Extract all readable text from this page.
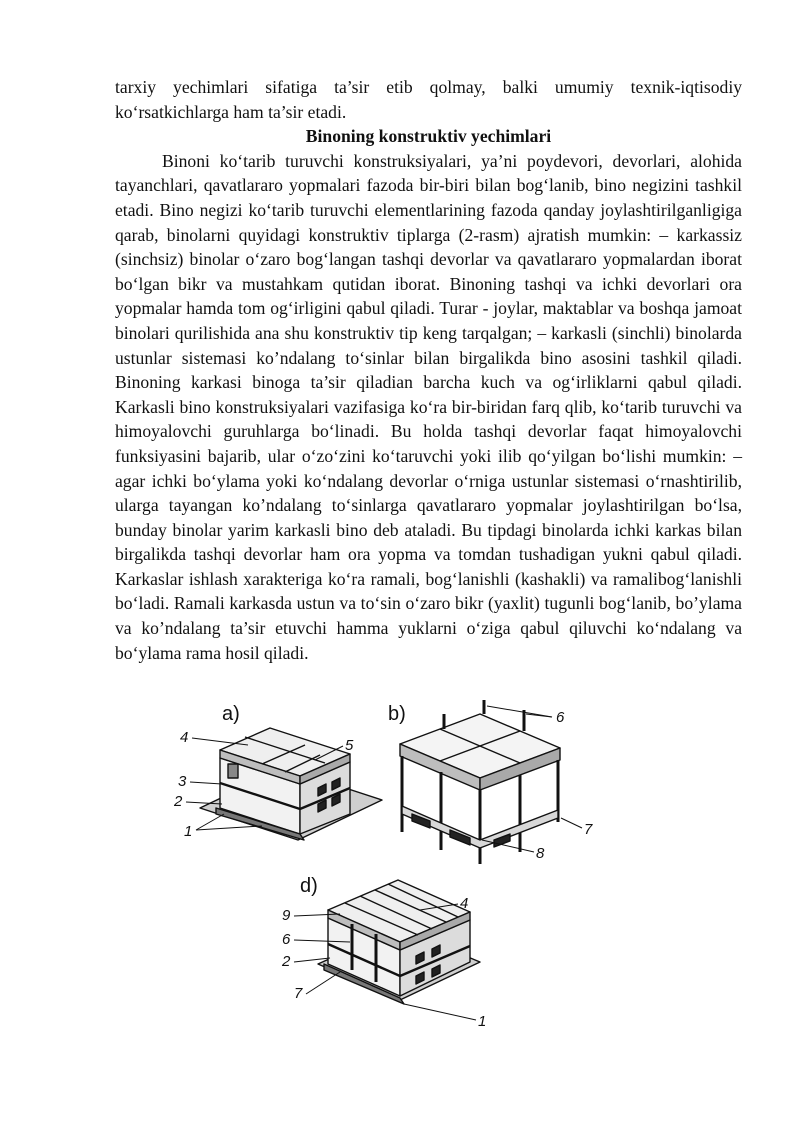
tarxiy yechimlari sifatiga ta’sir etib qolmay, balki umumiy texnik-iqtisodiy ko‘rsatkichlarga ham ta’sir etadi.

Binoning konstruktiv yechimlari

Binoni ko‘tarib turuvchi konstruksiyalari, ya’ni poydevori, devorlari, alohida tayanchlari, qavatlararo yopmalari fazoda bir-biri bilan bog‘lanib, bino negizini tashkil etadi. Bino negizi ko‘tarib turuvchi elementlarining fazoda qanday joylashtirilganligiga qarab, binolarni quyidagi konstruktiv tiplarga (2-rasm) ajratish mumkin: – karkassiz (sinchsiz) binolar o‘zaro bog‘langan tashqi devorlar va qavatlararo yopmalardan iborat bo‘lgan bikr va mustahkam qutidan iborat. Binoning tashqi va ichki devorlari ora yopmalar hamda tom og‘irligini qabul qiladi. Turar - joylar, maktablar va boshqa jamoat binolari qurilishida ana shu konstruktiv tip keng tarqalgan; – karkasli (sinchli) binolarda ustunlar sistemasi ko’ndalang to‘sinlar bilan birgalikda bino asosini tashkil qiladi. Binoning karkasi binoga ta’sir qiladian barcha kuch va og‘irliklarni qabul qiladi. Karkasli bino konstruksiyalari vazifasiga ko‘ra bir-biridan farq qlib, ko‘tarib turuvchi va himoyalovchi guruhlarga bo‘linadi. Bu holda tashqi devorlar faqat himoyalovchi funksiyasini bajarib, ular o‘zo‘zini ko‘taruvchi yoki ilib qo‘yilgan bo‘lishi mumkin: – agar ichki bo‘ylama yoki ko‘ndalang devorlar o‘rniga ustunlar sistemasi o‘rnashtirilib, ularga tayangan ko’ndalang to‘sinlarga qavatlararo yopmalar joylashtirilgan bo‘lsa, bunday binolar yarim karkasli bino deb ataladi. Bu tipdagi binolarda ichki karkas bilan birgalikda tashqi devorlar ham ora yopma va tomdan tushadigan yukni qabul qiladi. Karkaslar ishlash xarakteriga ko‘ra ramali, bog‘lanishli (kashakli) va ramalibog‘lanishli bo‘ladi. Ramali karkasda ustun va to‘sin o‘zaro bikr (yaxlit) tugunli bog‘lanib, bo’ylama va ko’ndalang ta’sir etuvchi hamma yuklarni o‘ziga qabul qiluvchi ko‘ndalang va bo‘ylama rama hosil qiladi.

a)
4	5
3
2
1
b)	6
7
8
d)
9
4
6
2
7
1
